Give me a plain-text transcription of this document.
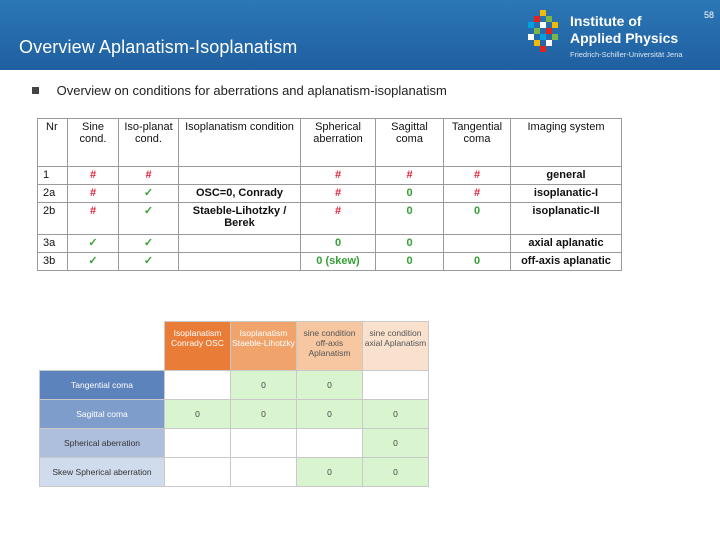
Overview Aplanatism-Isoplanatism
58
Institute of
Applied Physics
Friedrich-Schiller-Universität Jena
Overview on conditions for aberrations and aplanatism-isoplanatism
Nr	Sine cond.	Iso-planat cond.	Isoplanatism condition	Spherical aberration	Sagittal coma	Tangential coma	Imaging system
1	#	#		#	#	#	general
2a	#	✓	OSC=0, Conrady	#	0	#	isoplanatic-I
2b	#	✓	Staeble-Lihotzky / Berek	#	0	0	isoplanatic-II
3a	✓	✓		0	0		axial aplanatic
3b	✓	✓		0 (skew)	0	0	off-axis aplanatic
	Isoplanatism Conrady OSC	Isoplanatism Staeble-Lihotzky	sine condition off-axis Aplanatism	sine condition axial Aplanatism
Tangential coma		0	0	
Sagittal coma	0	0	0	0
Spherical aberration				0
Skew Spherical aberration			0	0
